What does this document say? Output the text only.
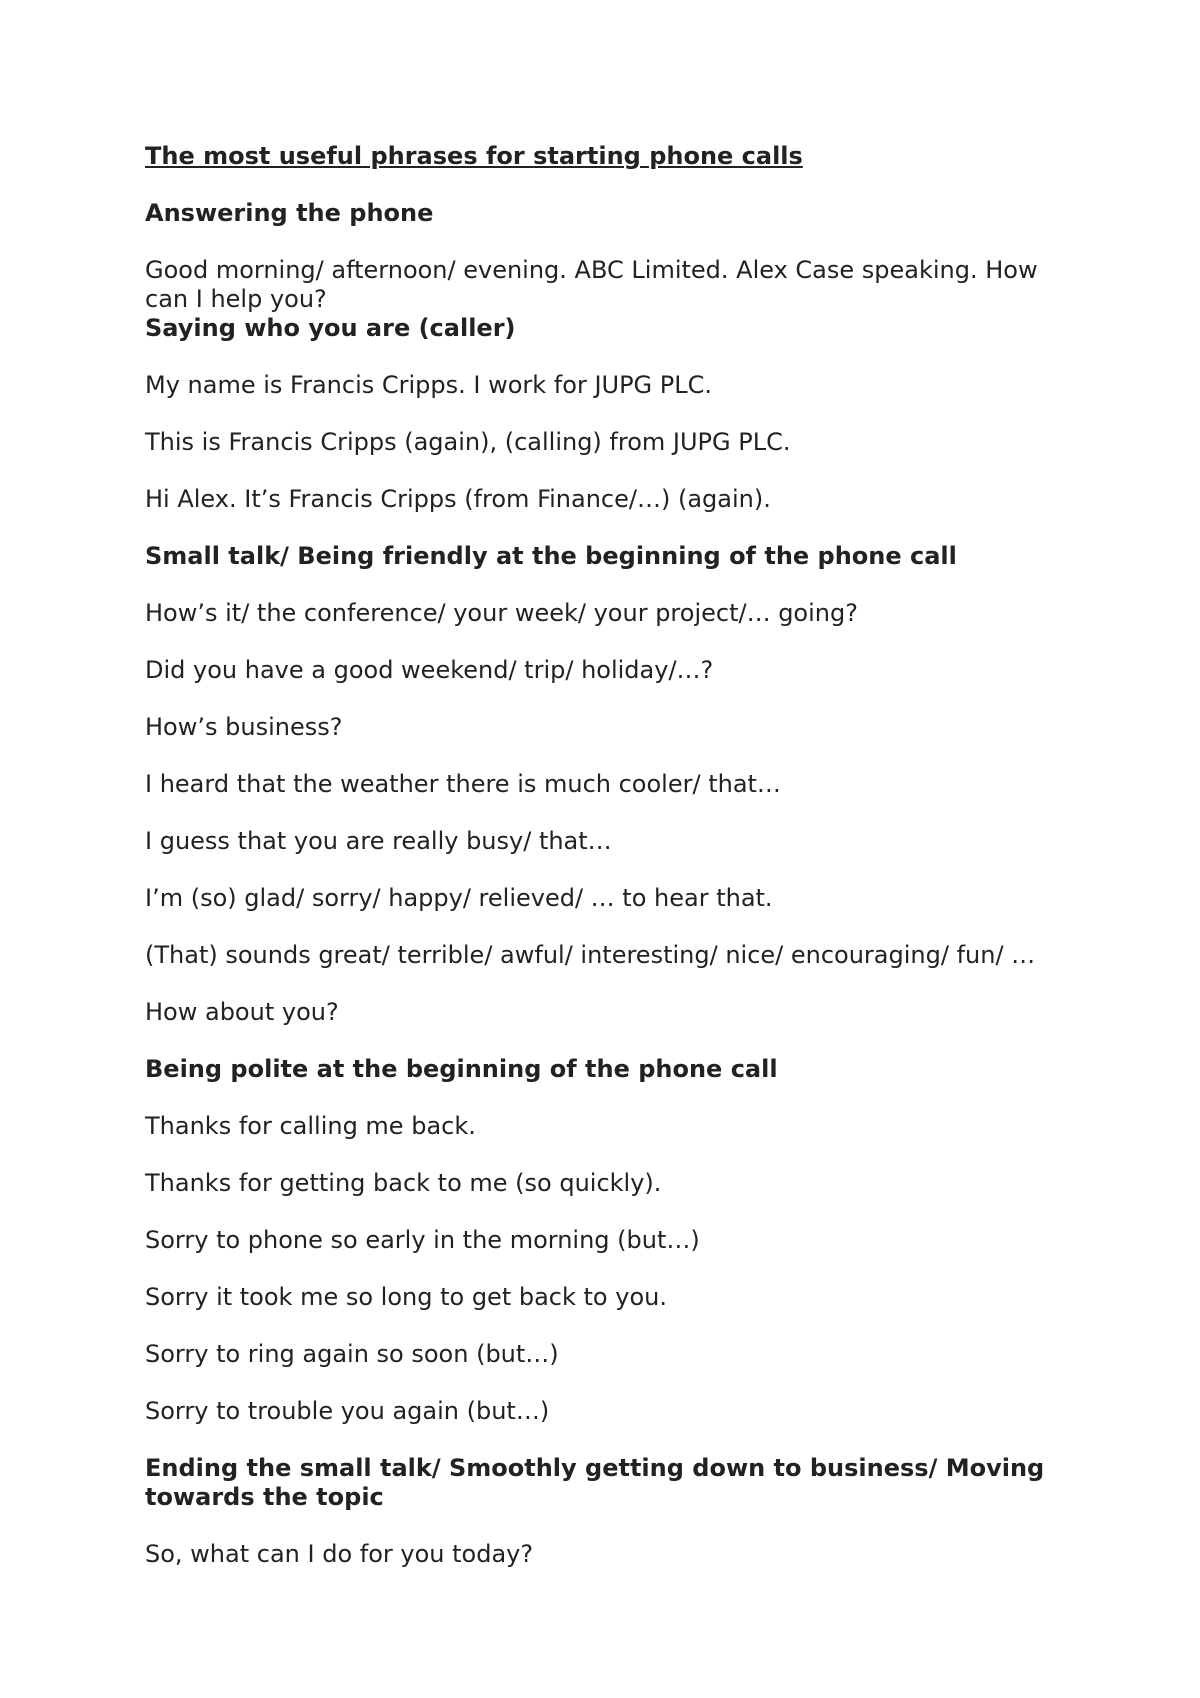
The most useful phrases for starting phone calls
Answering the phone
Good morning/ afternoon/ evening. ABC Limited. Alex Case speaking. How can I help you?
Saying who you are (caller)
My name is Francis Cripps. I work for JUPG PLC.
This is Francis Cripps (again), (calling) from JUPG PLC.
Hi Alex. It’s Francis Cripps (from Finance/…) (again).
Small talk/ Being friendly at the beginning of the phone call
How’s it/ the conference/ your week/ your project/… going?
Did you have a good weekend/ trip/ holiday/…?
How’s business?
I heard that the weather there is much cooler/ that…
I guess that you are really busy/ that…
I’m (so) glad/ sorry/ happy/ relieved/ … to hear that.
(That) sounds great/ terrible/ awful/ interesting/ nice/ encouraging/ fun/ …
How about you?
Being polite at the beginning of the phone call
Thanks for calling me back.
Thanks for getting back to me (so quickly).
Sorry to phone so early in the morning (but…)
Sorry it took me so long to get back to you.
Sorry to ring again so soon (but…)
Sorry to trouble you again (but…)
Ending the small talk/ Smoothly getting down to business/ Moving towards the topic
So, what can I do for you today?
